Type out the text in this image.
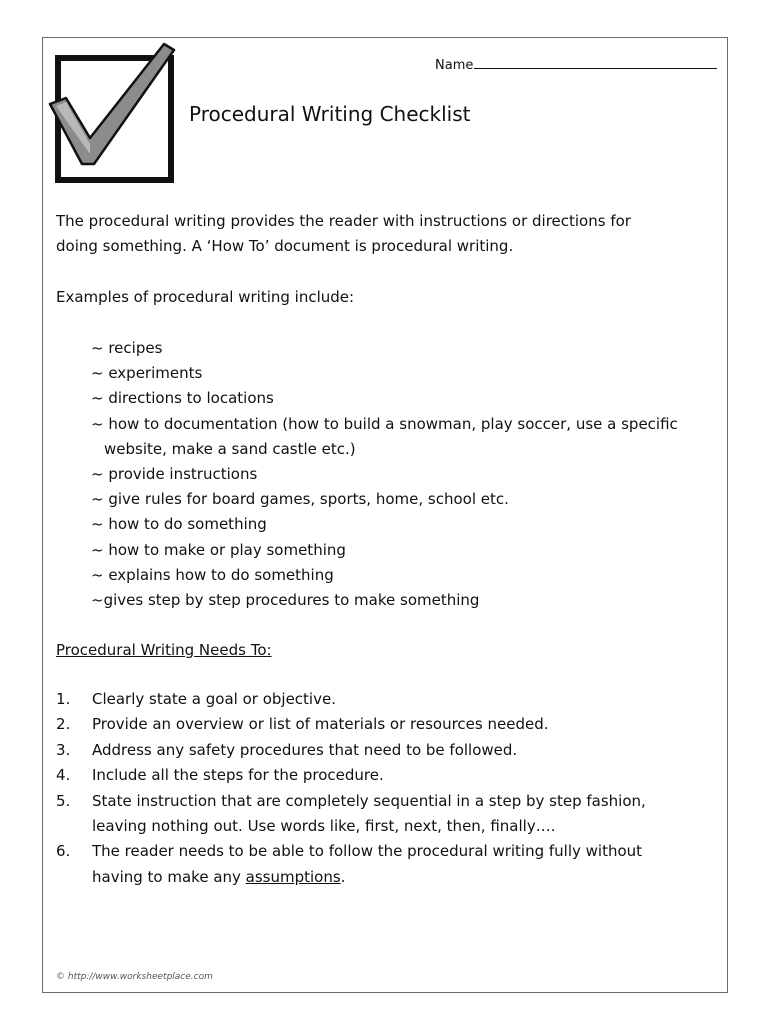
Name
Procedural Writing Checklist
The procedural writing provides the reader with instructions or directions for
doing something. A ‘How To’ document is procedural writing.
Examples of procedural writing include:
~ recipes
~ experiments
~ directions to locations
~ how to documentation (how to build a snowman, play soccer, use a specific
website, make a sand castle etc.)
~ provide instructions
~ give rules for board games, sports, home, school etc.
~ how to do something
~ how to make or play something
~ explains how to do something
~gives step by step procedures to make something
Procedural Writing Needs To:
1. Clearly state a goal or objective.
2. Provide an overview or list of materials or resources needed.
3. Address any safety procedures that need to be followed.
4. Include all the steps for the procedure.
5. State instruction that are completely sequential in a step by step fashion,
leaving nothing out. Use words like, first, next, then, finally….
6. The reader needs to be able to follow the procedural writing fully without
having to make any assumptions.
© http://www.worksheetplace.com
